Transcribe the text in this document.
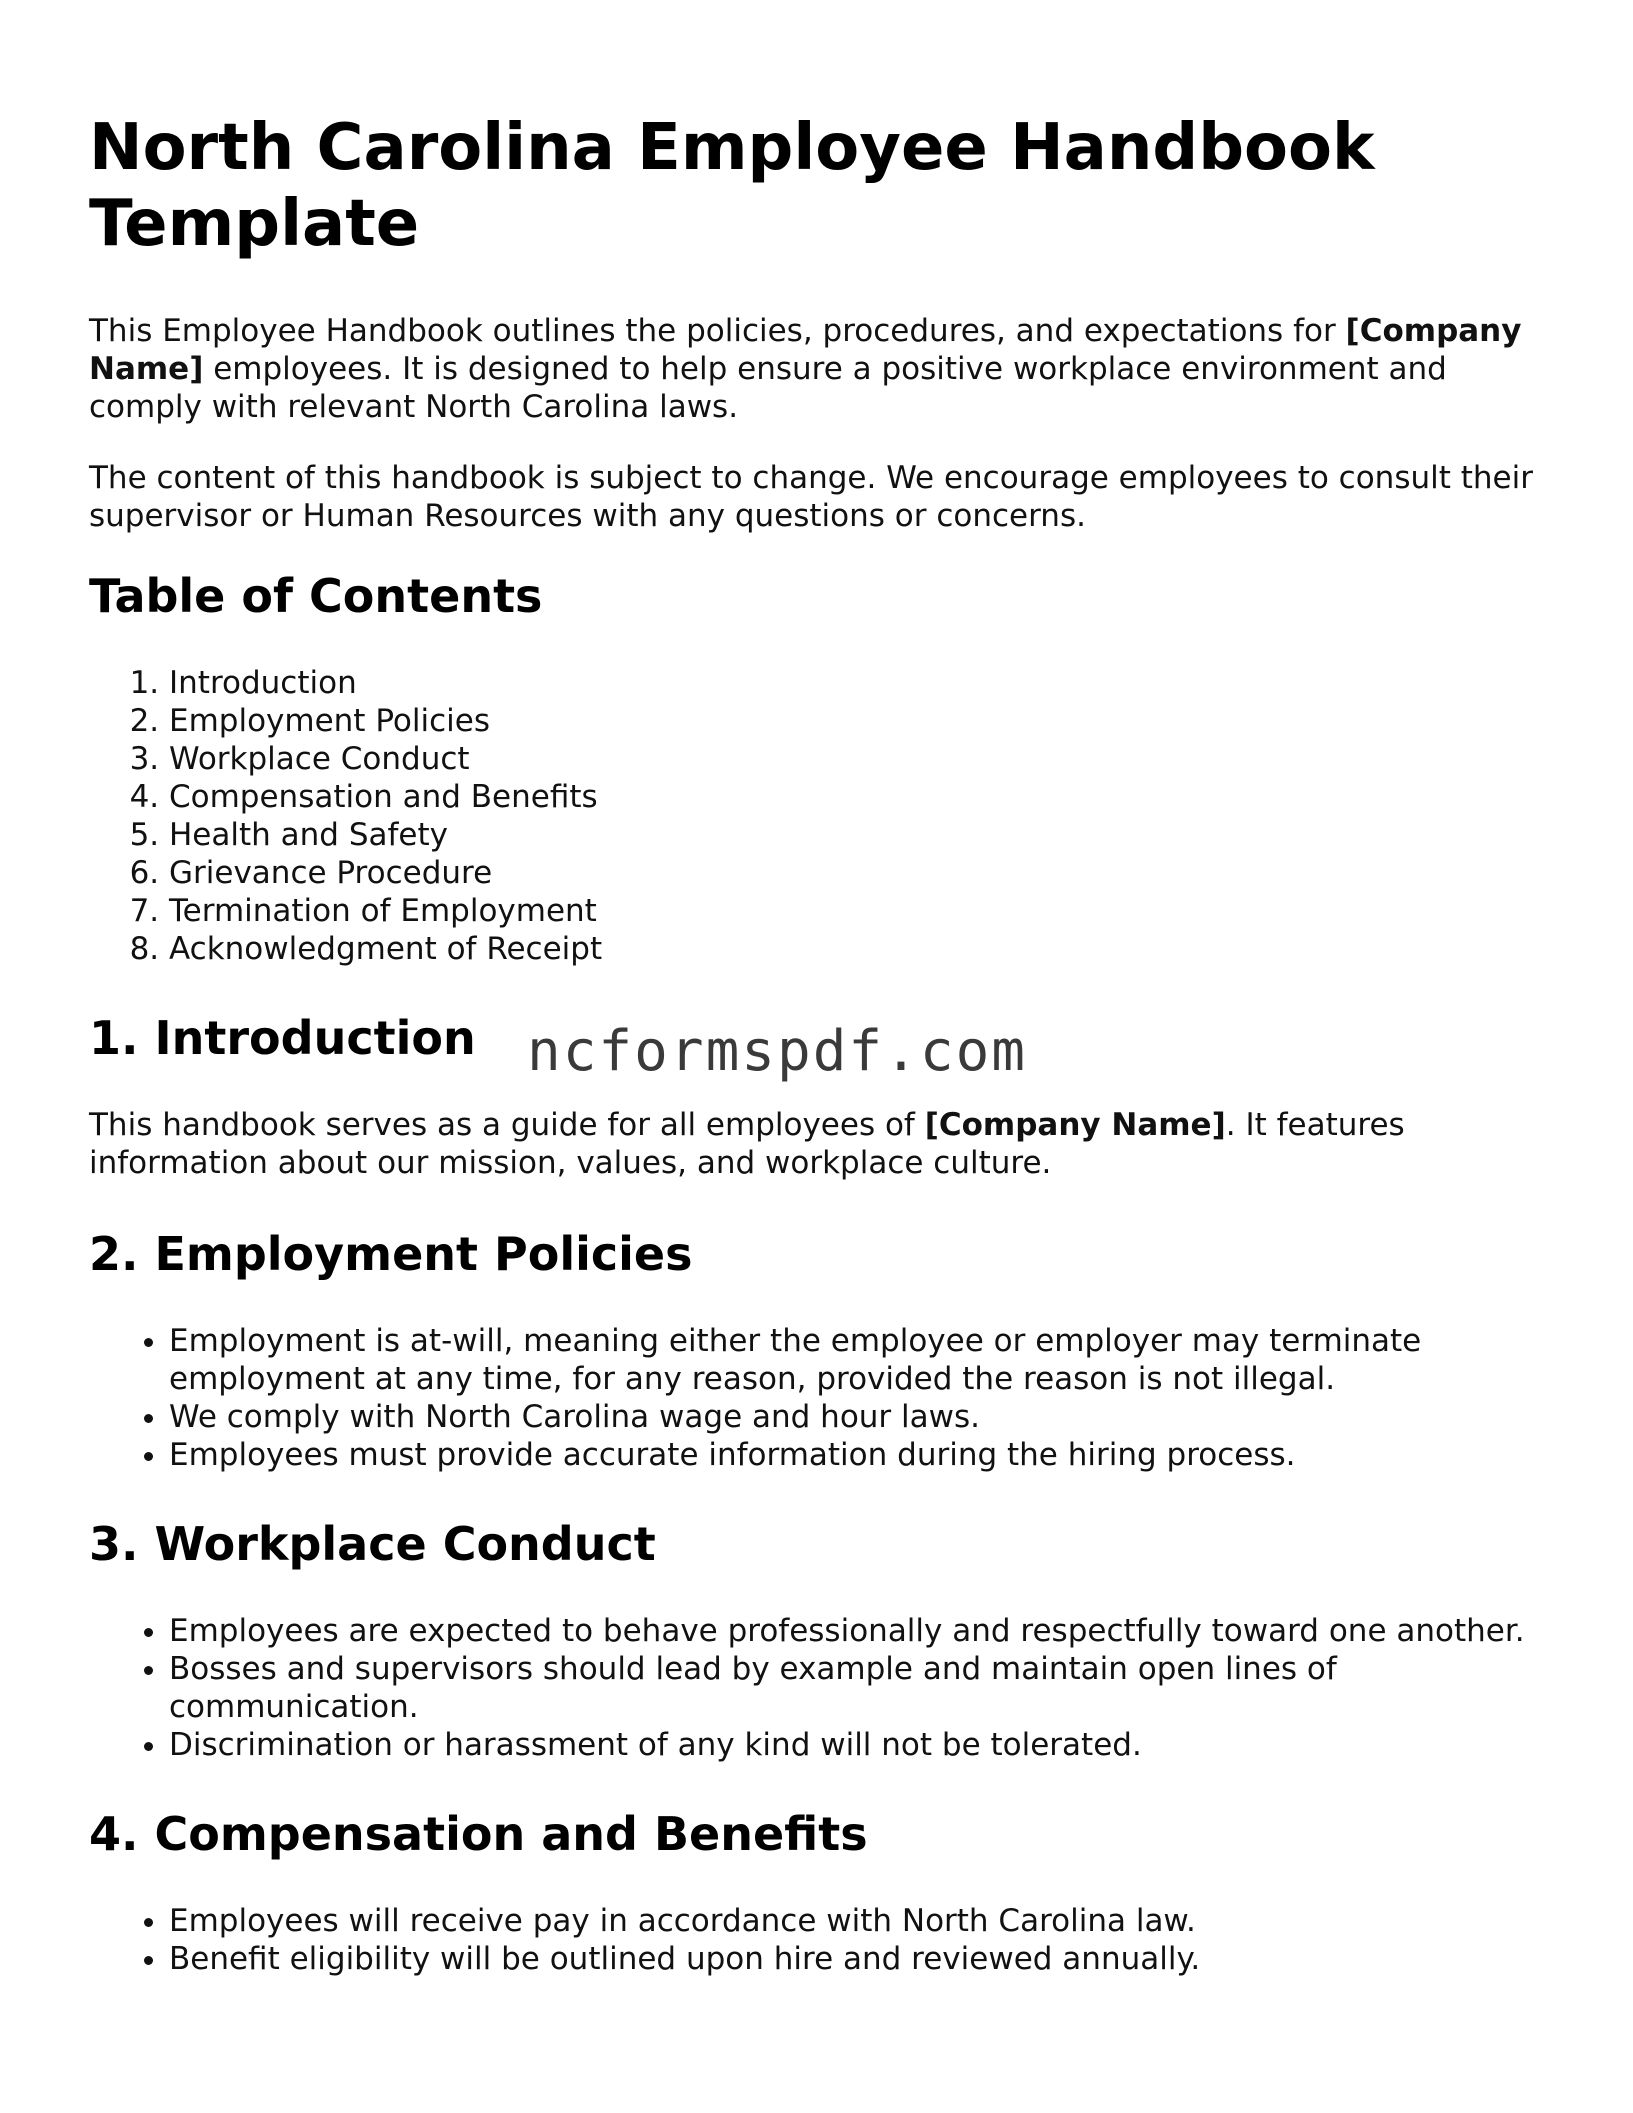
North Carolina Employee Handbook Template

This Employee Handbook outlines the policies, procedures, and expectations for [Company Name] employees. It is designed to help ensure a positive workplace environment and comply with relevant North Carolina laws.

The content of this handbook is subject to change. We encourage employees to consult their supervisor or Human Resources with any questions or concerns.

Table of Contents
1. Introduction
2. Employment Policies
3. Workplace Conduct
4. Compensation and Benefits
5. Health and Safety
6. Grievance Procedure
7. Termination of Employment
8. Acknowledgment of Receipt
1. Introduction

This handbook serves as a guide for all employees of [Company Name]. It features information about our mission, values, and workplace culture.

2. Employment Policies
• Employment is at-will, meaning either the employee or employer may terminate employment at any time, for any reason, provided the reason is not illegal.
• We comply with North Carolina wage and hour laws.
• Employees must provide accurate information during the hiring process.
3. Workplace Conduct
• Employees are expected to behave professionally and respectfully toward one another.
• Bosses and supervisors should lead by example and maintain open lines of communication.
• Discrimination or harassment of any kind will not be tolerated.
4. Compensation and Benefits
• Employees will receive pay in accordance with North Carolina law.
• Benefit eligibility will be outlined upon hire and reviewed annually.
ncformspdf.com
